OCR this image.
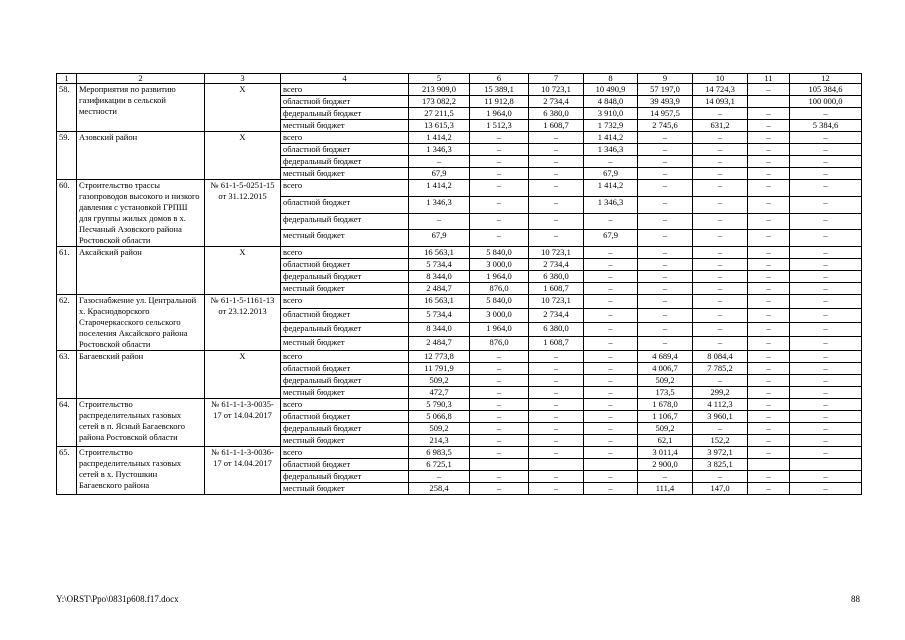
1	2	3	4	5	6	7	8	9	10	11	12
58.	Мероприятия по развитию газификации в сельской местности	X	всего	213 909,0	15 389,1	10 723,1	10 490,9	57 197,0	14 724,3	–	105 384,6
			областной бюджет	173 082,2	11 912,8	2 734,4	4 848,0	39 493,9	14 093,1		100 000,0
			федеральный бюджет	27 211,5	1 964,0	6 380,0	3 910,0	14 957,5	–	–	–
			местный бюджет	13 615,3	1 512,3	1 608,7	1 732,9	2 745,6	631,2	–	5 384,6
59.	Азовский район	X	всего	1 414,2	–	–	1 414,2	–	–	–	–
			областной бюджет	1 346,3	–	–	1 346,3	–	–	–	–
			федеральный бюджет	–	–	–	–	–	–	–	–
			местный бюджет	67,9	–	–	67,9	–	–	–	–
60.	Строительство трассы газопроводов высокого и низкого давления с установкой ГРПШ для группы жилых домов в х. Песчаный Азовского района Ростовской области	№ 61-1-5-0251-15 от 31.12.2015	всего	1 414,2	–	–	1 414,2	–	–	–	–
			областной бюджет	1 346,3	–	–	1 346,3	–	–	–	–
			федеральный бюджет	–	–	–	–	–	–	–	–
			местный бюджет	67,9	–	–	67,9	–	–	–	–
61.	Аксайский район	X	всего	16 563,1	5 840,0	10 723,1	–	–	–	–	–
			областной бюджет	5 734,4	3 000,0	2 734,4	–	–	–	–	–
			федеральный бюджет	8 344,0	1 964,0	6 380,0	–	–	–	–	–
			местный бюджет	2 484,7	876,0	1 608,7	–	–	–	–	–
62.	Газоснабжение ул. Центральной х. Краснодворского Старочеркасского сельского поселения Аксайского района Ростовской области	№ 61-1-5-1161-13 от 23.12.2013	всего	16 563,1	5 840,0	10 723,1	–	–	–	–	–
			областной бюджет	5 734,4	3 000,0	2 734,4	–	–	–	–	–
			федеральный бюджет	8 344,0	1 964,0	6 380,0	–	–	–	–	–
			местный бюджет	2 484,7	876,0	1 608,7	–	–	–	–	–
63.	Багаевский район	X	всего	12 773,8	–	–	–	4 689,4	8 084,4	–	–
			областной бюджет	11 791,9	–	–	–	4 006,7	7 785,2	–	–
			федеральный бюджет	509,2	–	–	–	509,2	–	–	–
			местный бюджет	472,7	–	–	–	173,5	299,2	–	–
64.	Строительство распределительных газовых сетей в п. Ясный Багаевского района Ростовской области	№ 61-1-1-3-0035-17 от 14.04.2017	всего	5 790,3	–	–	–	1 678,0	4 112,3	–	–
			областной бюджет	5 066,8	–	–	–	1 106,7	3 960,1	–	–
			федеральный бюджет	509,2	–	–	–	509,2	–	–	–
			местный бюджет	214,3	–	–	–	62,1	152,2	–	–
65.	Строительство распределительных газовых сетей в х. Пустошкин Багаевского района	№ 61-1-1-3-0036-17 от 14.04.2017	всего	6 983,5	–	–	–	3 011,4	3 972,1	–	–
			областной бюджет	6 725,1				2 900,0	3 825,1		
			федеральный бюджет	–	–	–	–	–	–	–	–
			местный бюджет	258,4	–	–	–	111,4	147,0	–	–
Y:\ORST\Ppo\0831p608.f17.docx	88
